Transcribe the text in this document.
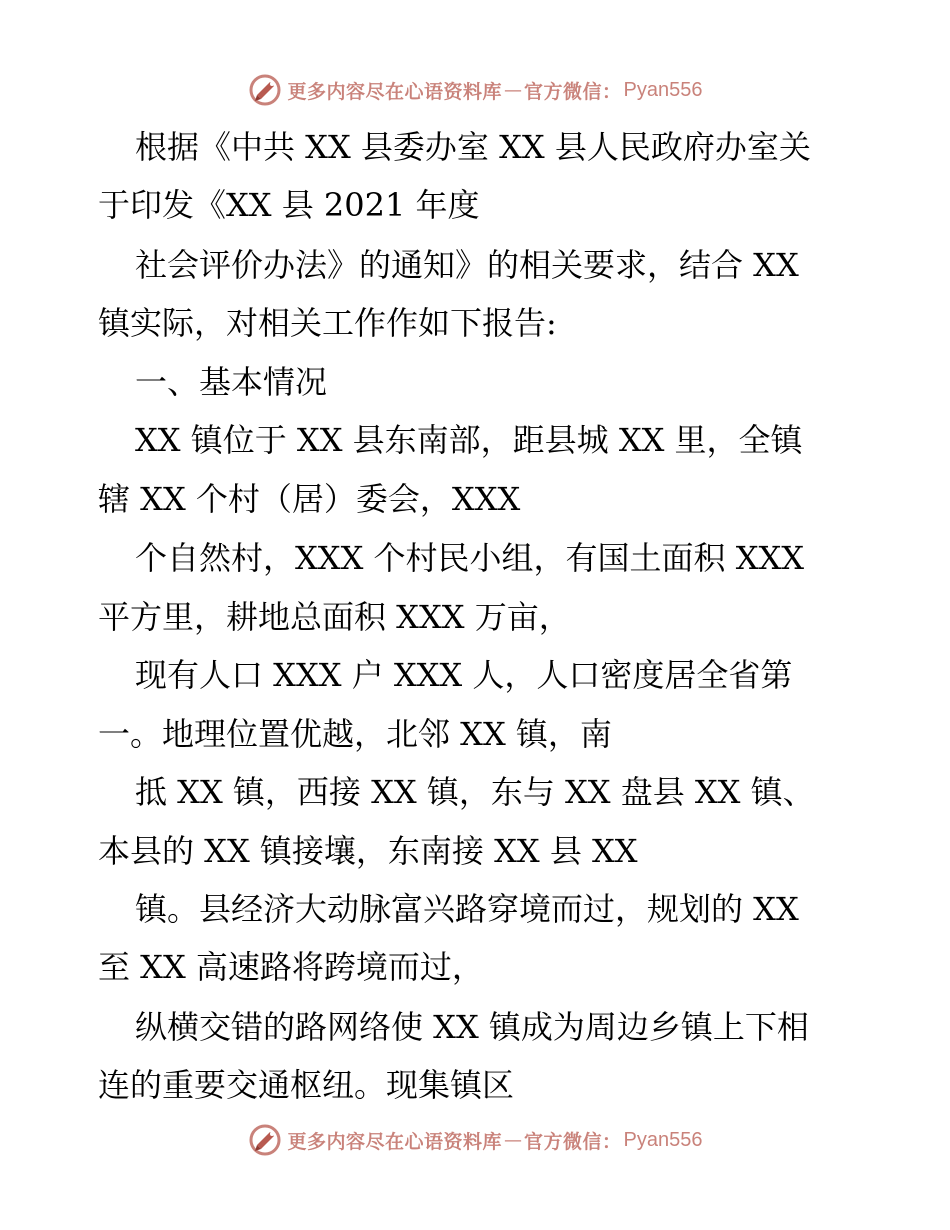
更多内容尽在心语资料库 — 官方微信： Pyan556
根据《中共 XX 县委办室 XX 县人民政府办室关
于印发《XX 县 2021 年度
社会评价办法》的通知》的相关要求，结合 XX
镇实际，对相关工作作如下报告:
一、基本情况
XX 镇位于 XX 县东南部，距县城 XX 里，全镇
辖 XX 个村（居）委会，XXX
个自然村，XXX 个村民小组，有国土面积 XXX
平方里，耕地总面积 XXX 万亩，
现有人口 XXX 户 XXX 人，人口密度居全省第
一。地理位置优越，北邻 XX 镇，南
抵 XX 镇，西接 XX 镇，东与 XX 盘县 XX 镇、
本县的 XX 镇接壤，东南接 XX 县 XX
镇。县经济大动脉富兴路穿境而过，规划的 XX
至 XX 高速路将跨境而过，
纵横交错的路网络使 XX 镇成为周边乡镇上下相
连的重要交通枢纽。现集镇区
更多内容尽在心语资料库 — 官方微信： Pyan556
